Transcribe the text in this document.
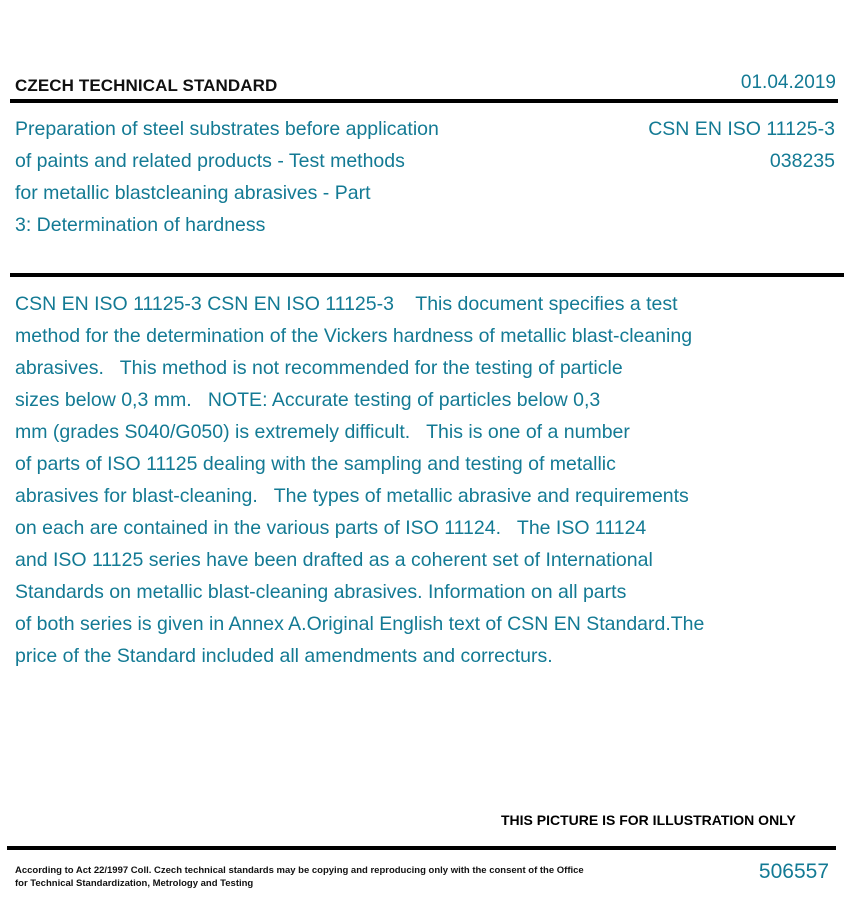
CZECH TECHNICAL STANDARD	01.04.2019
Preparation of steel substrates before application
of paints and related products - Test methods
for metallic blastcleaning abrasives - Part
3: Determination of hardness
CSN EN ISO 11125-3
038235
CSN EN ISO 11125-3 CSN EN ISO 11125-3    This document specifies a test
method for the determination of the Vickers hardness of metallic blast-cleaning
abrasives.   This method is not recommended for the testing of particle
sizes below 0,3 mm.   NOTE: Accurate testing of particles below 0,3
mm (grades S040/G050) is extremely difficult.   This is one of a number
of parts of ISO 11125 dealing with the sampling and testing of metallic
abrasives for blast-cleaning.   The types of metallic abrasive and requirements
on each are contained in the various parts of ISO 11124.   The ISO 11124
and ISO 11125 series have been drafted as a coherent set of International
Standards on metallic blast-cleaning abrasives. Information on all parts
of both series is given in Annex A.Original English text of CSN EN Standard.The
price of the Standard included all amendments and correcturs.
THIS PICTURE IS FOR ILLUSTRATION ONLY
According to Act 22/1997 Coll. Czech technical standards may be copying and reproducing only with the consent of the Office
for Technical Standardization, Metrology and Testing
506557
